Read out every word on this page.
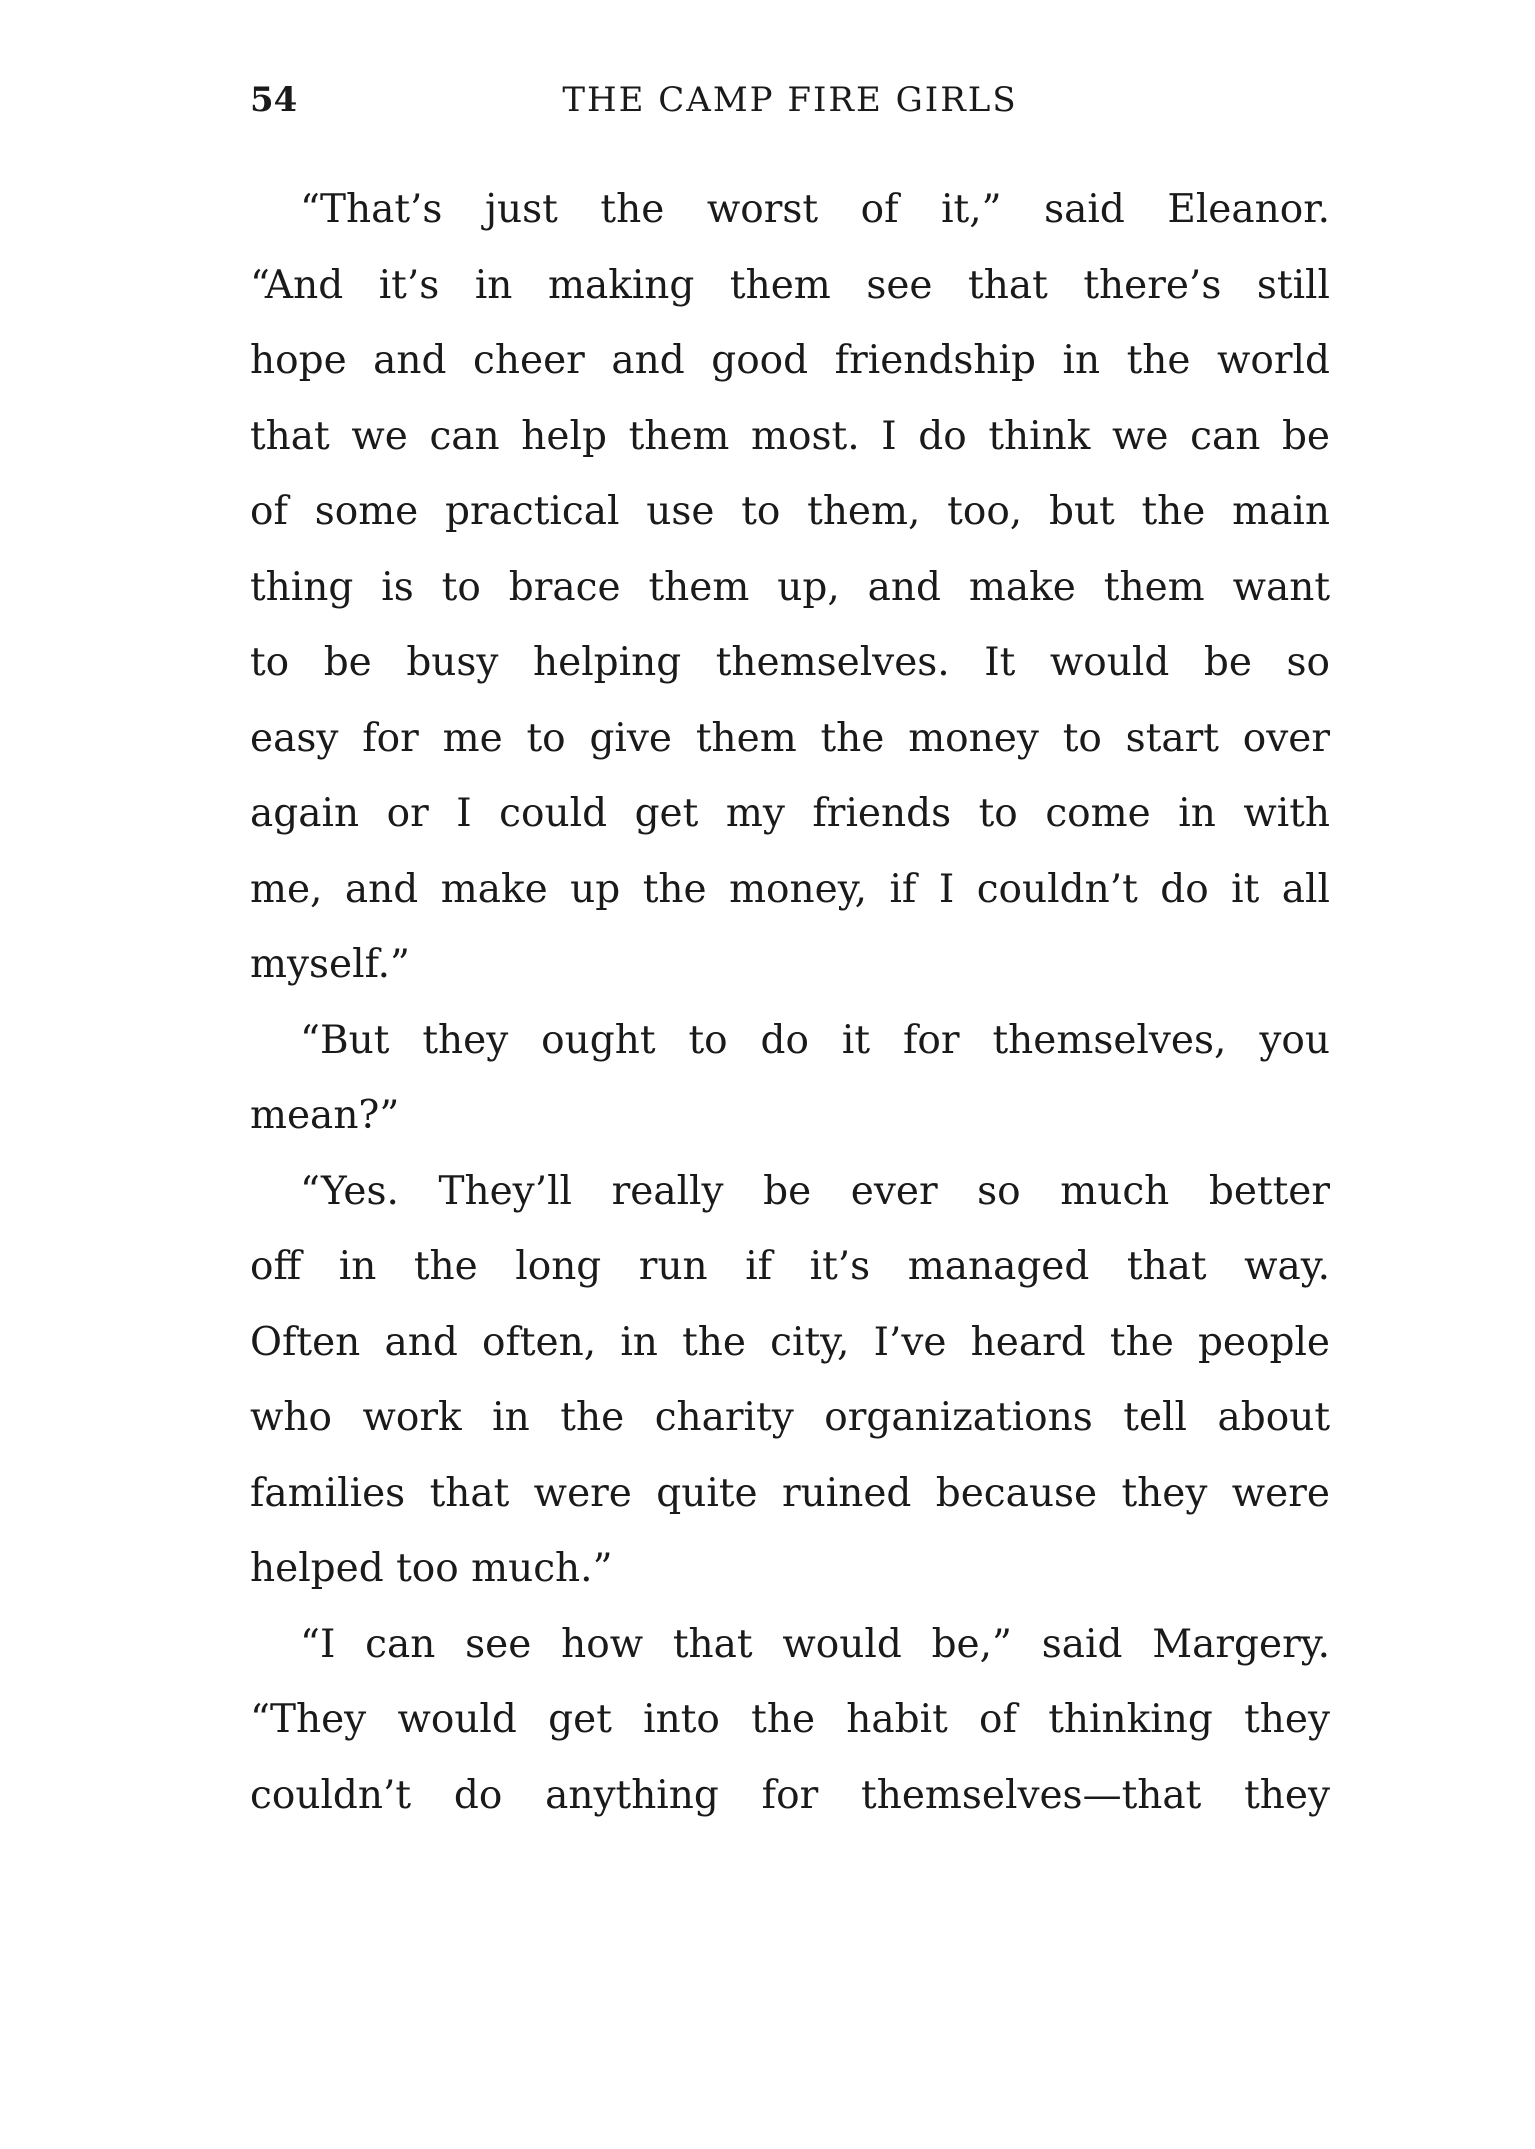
54	THE CAMP FIRE GIRLS
“That’s just the worst of it,” said Eleanor.
“And it’s in making them see that there’s still
hope and cheer and good friendship in the world
that we can help them most. I do think we can be
of some practical use to them, too, but the main
thing is to brace them up, and make them want
to be busy helping themselves. It would be so
easy for me to give them the money to start over
again or I could get my friends to come in with
me, and make up the money, if I couldn’t do it all
myself.”
“But they ought to do it for themselves, you
mean?”
“Yes. They’ll really be ever so much better
off in the long run if it’s managed that way.
Often and often, in the city, I’ve heard the people
who work in the charity organizations tell about
families that were quite ruined because they were
helped too much.”
“I can see how that would be,” said Margery.
“They would get into the habit of thinking they
couldn’t do anything for themselves—that they
